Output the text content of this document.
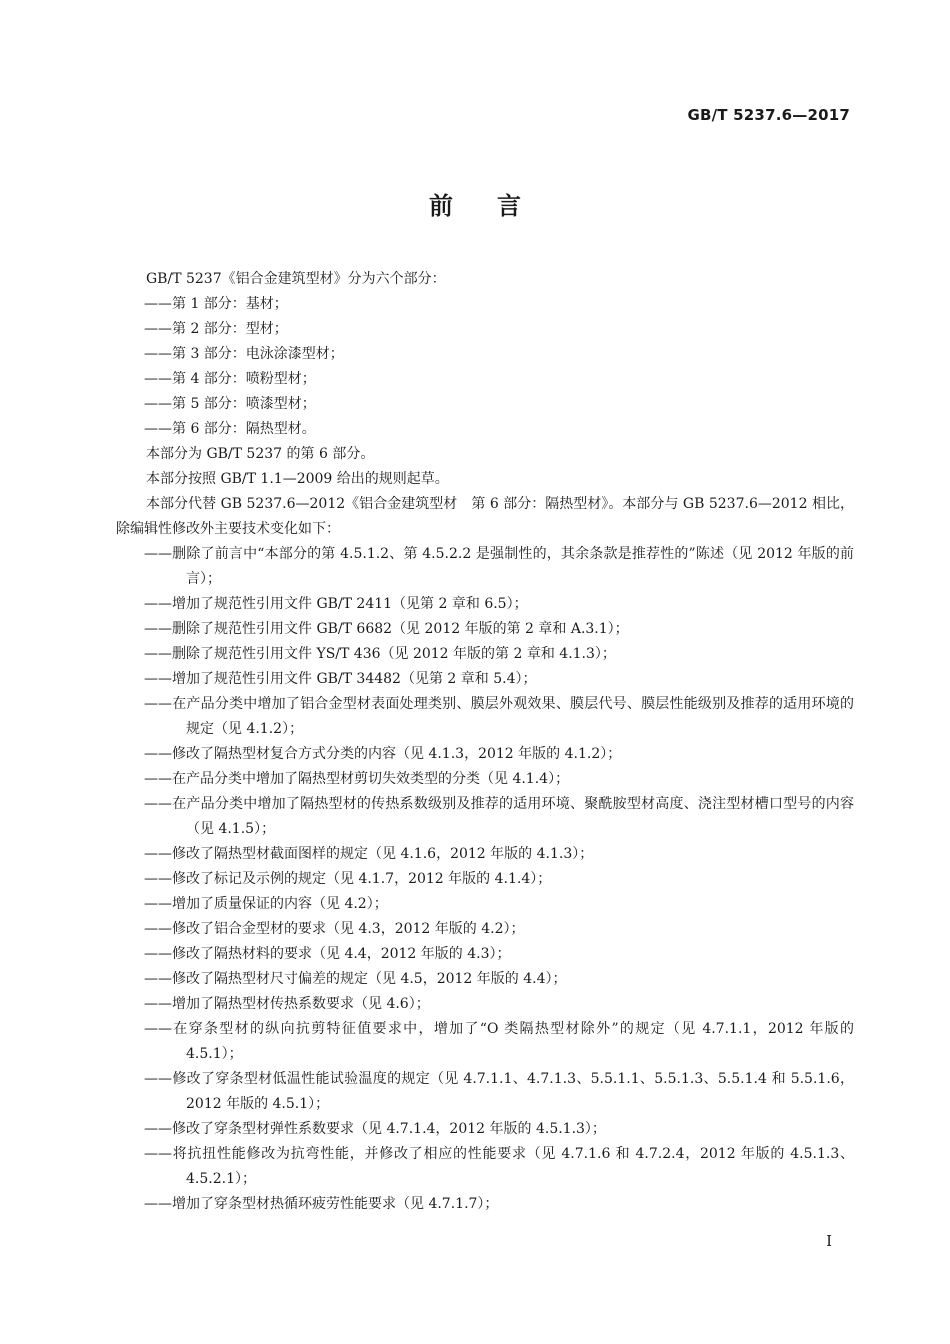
GB/T 5237.6—2017
前言

GB/T 5237《铝合金建筑型材》分为六个部分：

——第 1 部分：基材；

——第 2 部分：型材；

——第 3 部分：电泳涂漆型材；

——第 4 部分：喷粉型材；

——第 5 部分：喷漆型材；

——第 6 部分：隔热型材。

本部分为 GB/T 5237 的第 6 部分。

本部分按照 GB/T 1.1—2009 给出的规则起草。

本部分代替 GB 5237.6—2012《铝合金建筑型材　第 6 部分：隔热型材》。本部分与 GB 5237.6—2012 相比，除编辑性修改外主要技术变化如下：

——删除了前言中“本部分的第 4.5.1.2、第 4.5.2.2 是强制性的，其余条款是推荐性的”陈述（见 2012 年版的前言）；

——增加了规范性引用文件 GB/T 2411（见第 2 章和 6.5）；

——删除了规范性引用文件 GB/T 6682（见 2012 年版的第 2 章和 A.3.1）；

——删除了规范性引用文件 YS/T 436（见 2012 年版的第 2 章和 4.1.3）；

——增加了规范性引用文件 GB/T 34482（见第 2 章和 5.4）；

——在产品分类中增加了铝合金型材表面处理类别、膜层外观效果、膜层代号、膜层性能级别及推荐的适用环境的规定（见 4.1.2）；

——修改了隔热型材复合方式分类的内容（见 4.1.3，2012 年版的 4.1.2）；

——在产品分类中增加了隔热型材剪切失效类型的分类（见 4.1.4）；

——在产品分类中增加了隔热型材的传热系数级别及推荐的适用环境、聚酰胺型材高度、浇注型材槽口型号的内容（见 4.1.5）；

——修改了隔热型材截面图样的规定（见 4.1.6，2012 年版的 4.1.3）；

——修改了标记及示例的规定（见 4.1.7，2012 年版的 4.1.4）；

——增加了质量保证的内容（见 4.2）；

——修改了铝合金型材的要求（见 4.3，2012 年版的 4.2）；

——修改了隔热材料的要求（见 4.4，2012 年版的 4.3）；

——修改了隔热型材尺寸偏差的规定（见 4.5，2012 年版的 4.4）；

——增加了隔热型材传热系数要求（见 4.6）；

——在穿条型材的纵向抗剪特征值要求中，增加了“O 类隔热型材除外”的规定（见 4.7.1.1，2012 年版的 4.5.1）；

——修改了穿条型材低温性能试验温度的规定（见 4.7.1.1、4.7.1.3、5.5.1.1、5.5.1.3、5.5.1.4 和 5.5.1.6，2012 年版的 4.5.1）；

——修改了穿条型材弹性系数要求（见 4.7.1.4，2012 年版的 4.5.1.3）；

——将抗扭性能修改为抗弯性能，并修改了相应的性能要求（见 4.7.1.6 和 4.7.2.4，2012 年版的 4.5.1.3、4.5.2.1）；

——增加了穿条型材热循环疲劳性能要求（见 4.7.1.7）；

I
